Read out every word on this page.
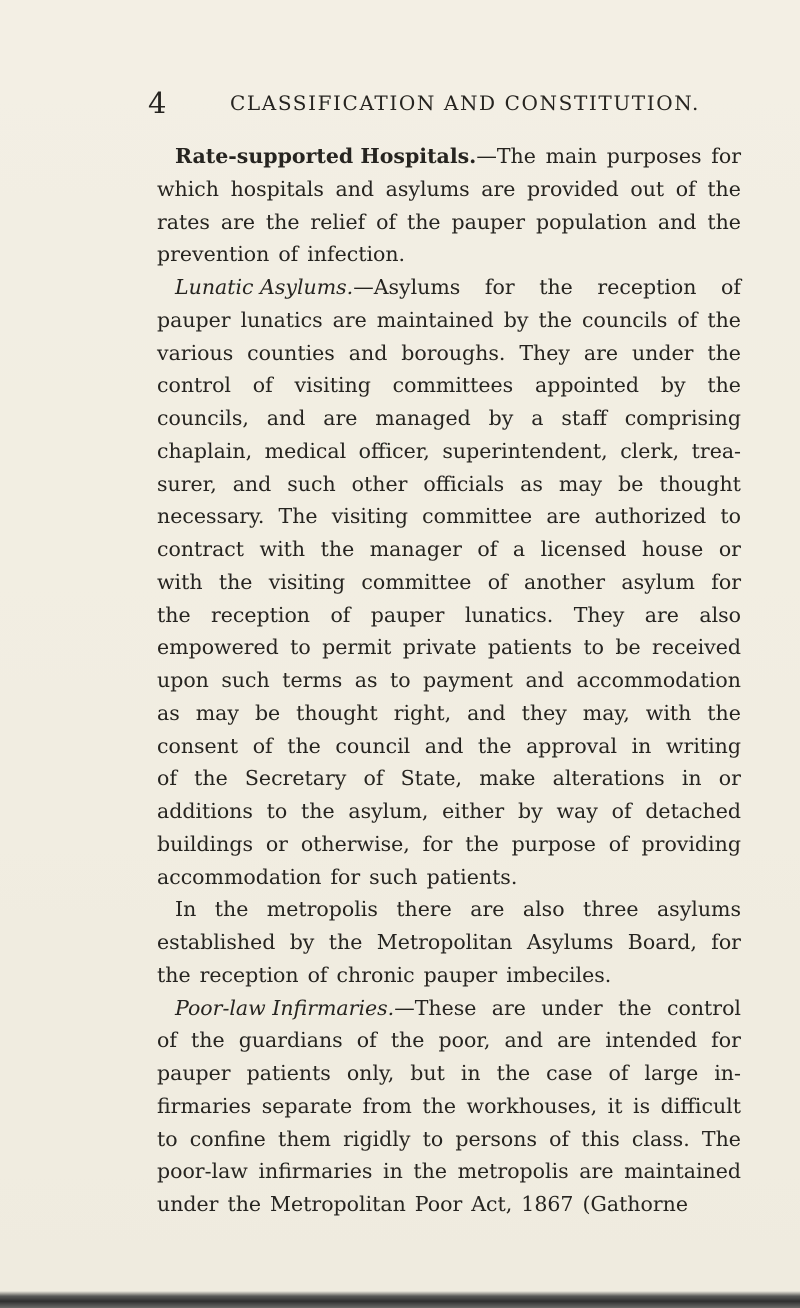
4	CLASSIFICATION AND CONSTITUTION.
Rate-supported Hospitals.—The main purposes for
which hospitals and asylums are provided out of the
rates are the relief of the pauper population and the
prevention of infection.
Lunatic Asylums.—Asylums for the reception of
pauper lunatics are maintained by the councils of the
various counties and boroughs. They are under the
control of visiting committees appointed by the
councils, and are managed by a staff comprising
chaplain, medical officer, superintendent, clerk, trea-
surer, and such other officials as may be thought
necessary. The visiting committee are authorized to
contract with the manager of a licensed house or
with the visiting committee of another asylum for
the reception of pauper lunatics. They are also
empowered to permit private patients to be received
upon such terms as to payment and accommodation
as may be thought right, and they may, with the
consent of the council and the approval in writing
of the Secretary of State, make alterations in or
additions to the asylum, either by way of detached
buildings or otherwise, for the purpose of providing
accommodation for such patients.
In the metropolis there are also three asylums
established by the Metropolitan Asylums Board, for
the reception of chronic pauper imbeciles.
Poor-law Infirmaries.—These are under the control
of the guardians of the poor, and are intended for
pauper patients only, but in the case of large in-
firmaries separate from the workhouses, it is difficult
to confine them rigidly to persons of this class. The
poor-law infirmaries in the metropolis are maintained
under the Metropolitan Poor Act, 1867 (Gathorne
